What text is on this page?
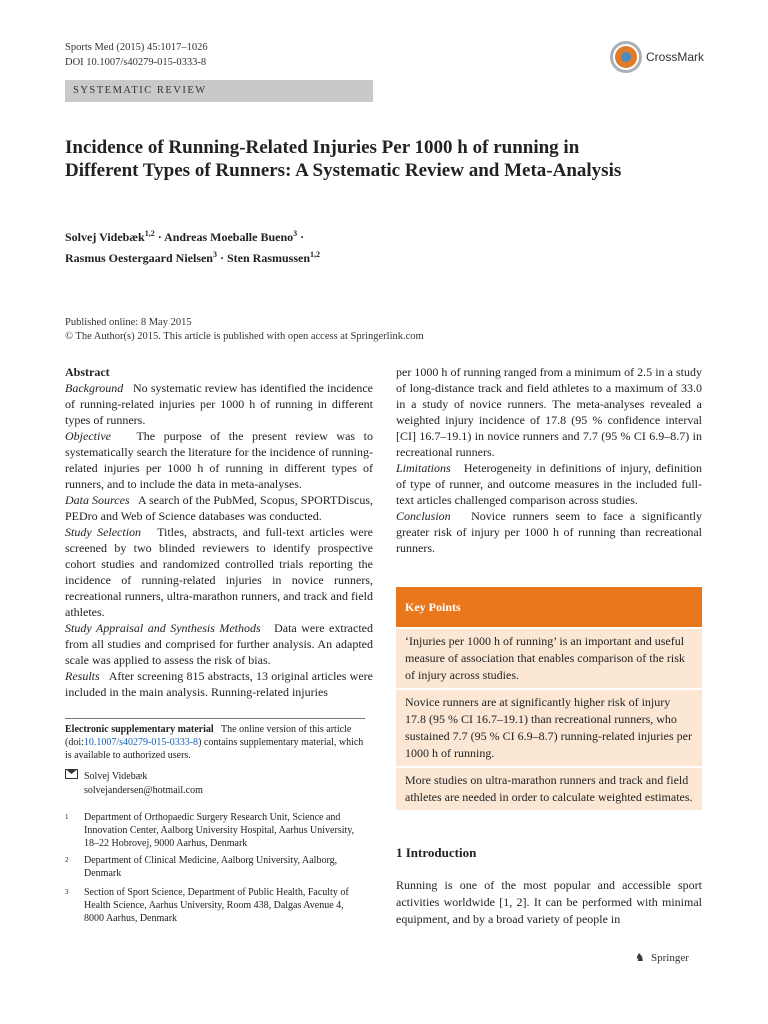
Sports Med (2015) 45:1017–1026
DOI 10.1007/s40279-015-0333-8	CrossMark
SYSTEMATIC REVIEW
Incidence of Running-Related Injuries Per 1000 h of running in Different Types of Runners: A Systematic Review and Meta-Analysis
Solvej Videbæk$^{1,2}$ · Andreas Moeballe Bueno$^3$ ·
Rasmus Oestergaard Nielsen$^3$ · Sten Rasmussen$^{1,2}$
Published online: 8 May 2015
© The Author(s) 2015. This article is published with open access at Springerlink.com
Abstract
Background No systematic review has identified the incidence of running-related injuries per 1000 h of running in different types of runners.
Objective The purpose of the present review was to systematically search the literature for the incidence of running-related injuries per 1000 h of running in different types of runners, and to include the data in meta-analyses.
Data Sources A search of the PubMed, Scopus, SPORTDiscus, PEDro and Web of Science databases was conducted.
Study Selection Titles, abstracts, and full-text articles were screened by two blinded reviewers to identify prospective cohort studies and randomized controlled trials reporting the incidence of running-related injuries in novice runners, recreational runners, ultra-marathon runners, and track and field athletes.
Study Appraisal and Synthesis Methods Data were extracted from all studies and comprised for further analysis. An adapted scale was applied to assess the risk of bias.
Results After screening 815 abstracts, 13 original articles were included in the main analysis. Running-related injuries
Electronic supplementary material The online version of this article (doi:10.1007/s40279-015-0333-8) contains supplementary material, which is available to authorized users.
Solvej Videbæk
solvejandersen@hotmail.com
1	Department of Orthopaedic Surgery Research Unit, Science and Innovation Center, Aalborg University Hospital, Aarhus University, 18–22 Hobrovej, 9000 Aarhus, Denmark
2	Department of Clinical Medicine, Aalborg University, Aalborg, Denmark
3	Section of Sport Science, Department of Public Health, Faculty of Health Science, Aarhus University, Room 438, Dalgas Avenue 4, 8000 Aarhus, Denmark
per 1000 h of running ranged from a minimum of 2.5 in a study of long-distance track and field athletes to a maximum of 33.0 in a study of novice runners. The meta-analyses revealed a weighted injury incidence of 17.8 (95 % confidence interval [CI] 16.7–19.1) in novice runners and 7.7 (95 % CI 6.9–8.7) in recreational runners.
Limitations Heterogeneity in definitions of injury, definition of type of runner, and outcome measures in the included full-text articles challenged comparison across studies.
Conclusion Novice runners seem to face a significantly greater risk of injury per 1000 h of running than recreational runners.
Key Points
‘Injuries per 1000 h of running’ is an important and useful measure of association that enables comparison of the risk of injury across studies.
Novice runners are at significantly higher risk of injury 17.8 (95 % CI 16.7–19.1) than recreational runners, who sustained 7.7 (95 % CI 6.9–8.7) running-related injuries per 1000 h of running.
More studies on ultra-marathon runners and track and field athletes are needed in order to calculate weighted estimates.
1 Introduction
Running is one of the most popular and accessible sport activities worldwide [1, 2]. It can be performed with minimal equipment, and by a broad variety of people in
♞ Springer
